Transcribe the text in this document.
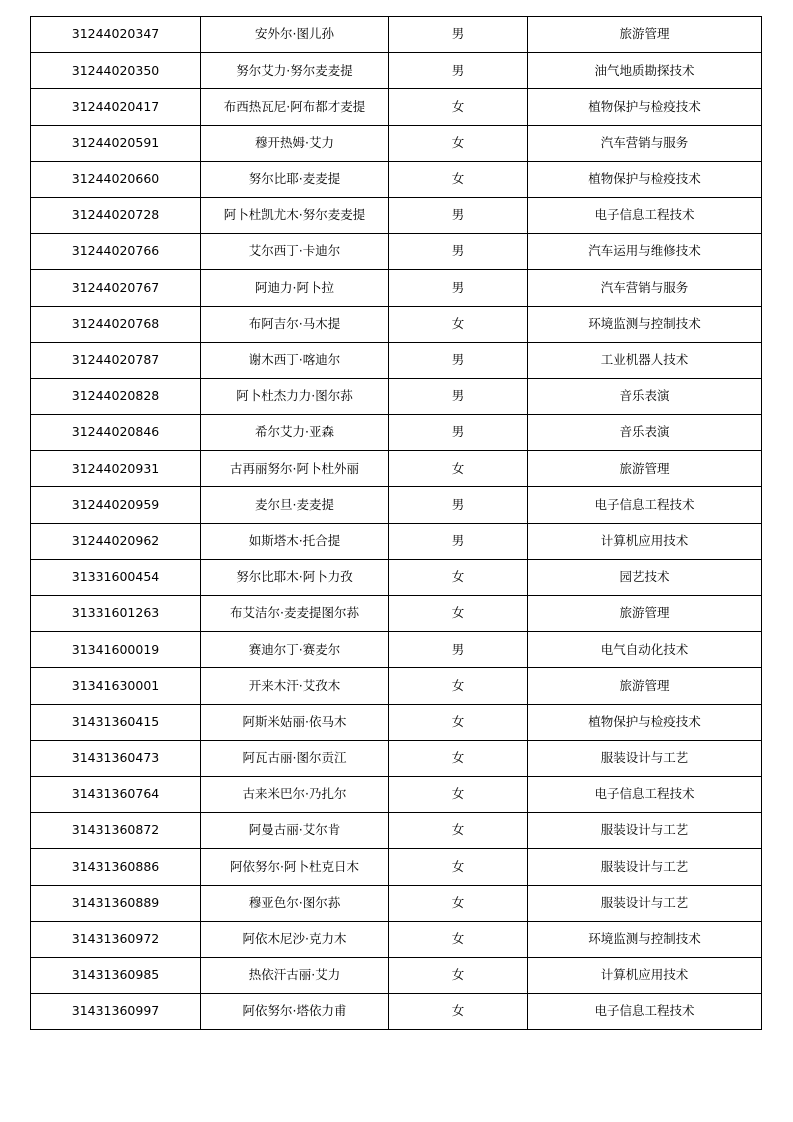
31244020347	安外尔·图儿孙	男	旅游管理
31244020350	努尔艾力·努尔麦麦提	男	油气地质勘探技术
31244020417	布西热瓦尼·阿布都才麦提	女	植物保护与检疫技术
31244020591	穆开热姆·艾力	女	汽车营销与服务
31244020660	努尔比耶·麦麦提	女	植物保护与检疫技术
31244020728	阿卜杜凯尤木·努尔麦麦提	男	电子信息工程技术
31244020766	艾尔西丁·卡迪尔	男	汽车运用与维修技术
31244020767	阿迪力·阿卜拉	男	汽车营销与服务
31244020768	布阿吉尔·马木提	女	环境监测与控制技术
31244020787	谢木西丁·喀迪尔	男	工业机器人技术
31244020828	阿卜杜杰力力·图尔荪	男	音乐表演
31244020846	希尔艾力·亚森	男	音乐表演
31244020931	古再丽努尔·阿卜杜外丽	女	旅游管理
31244020959	麦尔旦·麦麦提	男	电子信息工程技术
31244020962	如斯塔木·托合提	男	计算机应用技术
31331600454	努尔比耶木·阿卜力孜	女	园艺技术
31331601263	布艾洁尔·麦麦提图尔荪	女	旅游管理
31341600019	赛迪尔丁·赛麦尔	男	电气自动化技术
31341630001	开来木汗·艾孜木	女	旅游管理
31431360415	阿斯米姑丽·依马木	女	植物保护与检疫技术
31431360473	阿瓦古丽·图尔贡江	女	服装设计与工艺
31431360764	古来米巴尔·乃扎尔	女	电子信息工程技术
31431360872	阿曼古丽·艾尔肯	女	服装设计与工艺
31431360886	阿依努尔·阿卜杜克日木	女	服装设计与工艺
31431360889	穆亚色尔·图尔荪	女	服装设计与工艺
31431360972	阿依木尼沙·克力木	女	环境监测与控制技术
31431360985	热依汗古丽·艾力	女	计算机应用技术
31431360997	阿依努尔·塔依力甫	女	电子信息工程技术
